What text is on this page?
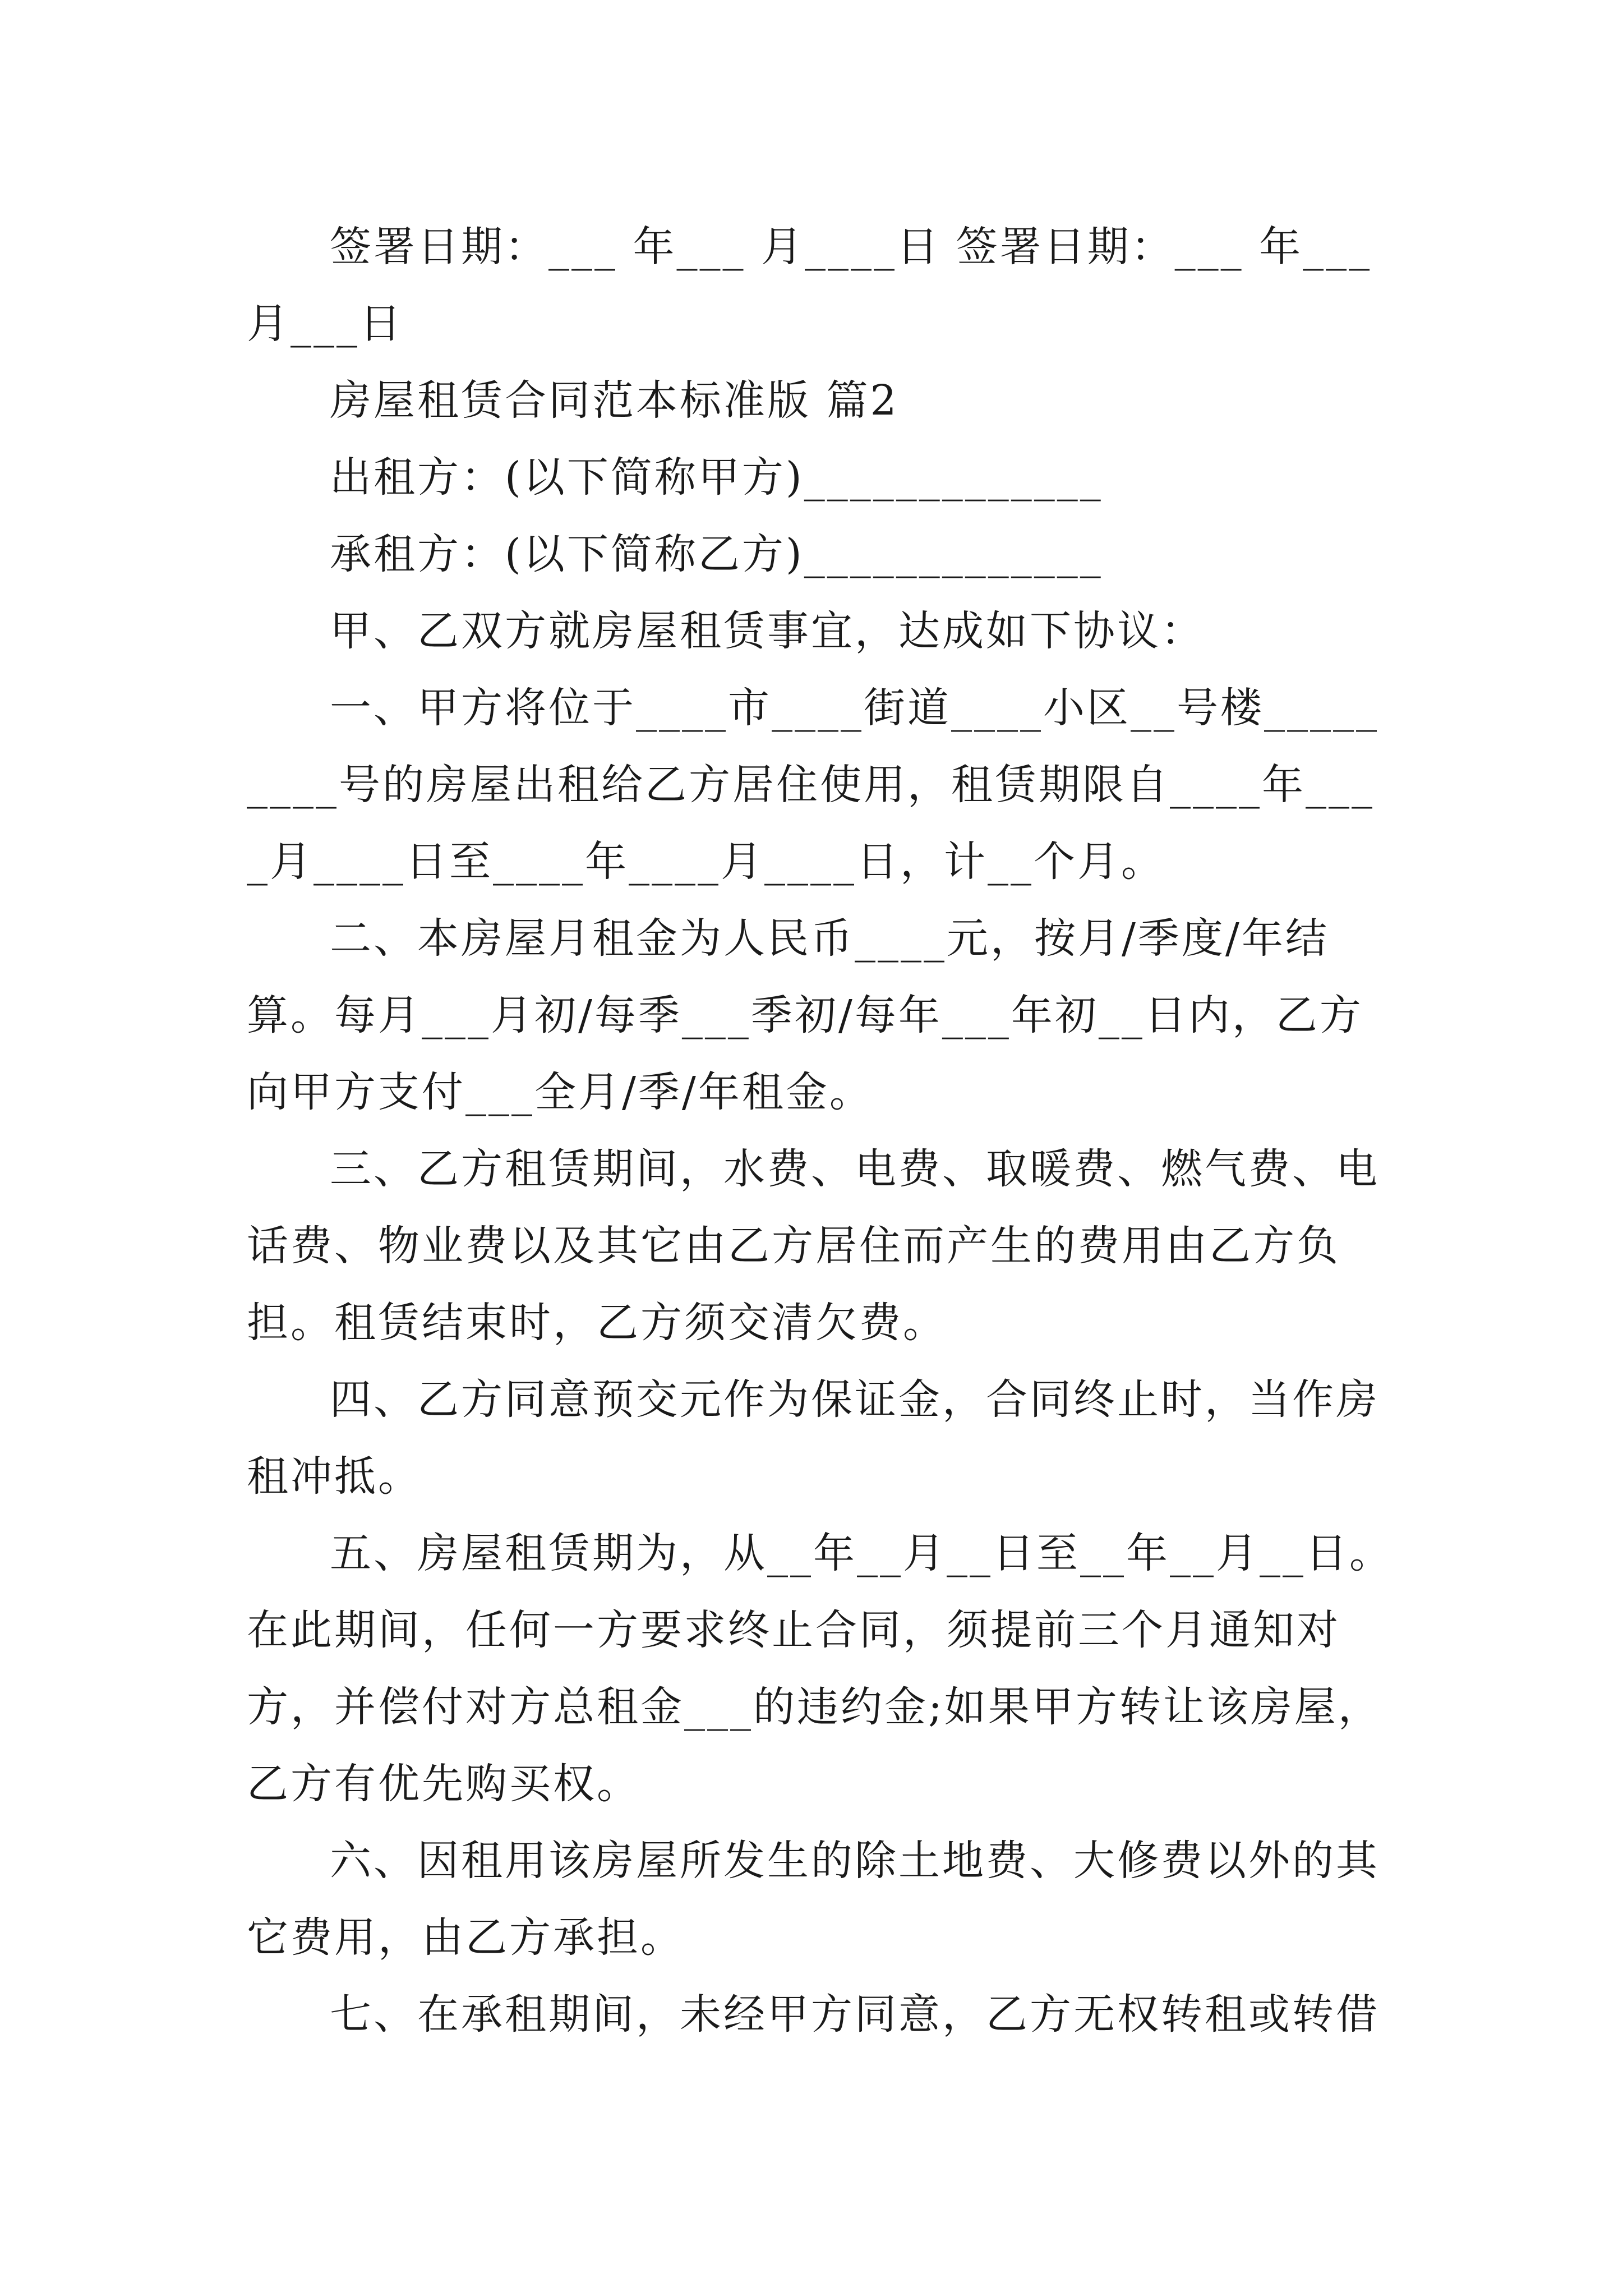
签署日期：___ 年___ 月____日 签署日期：___ 年___ 月___日

房屋租赁合同范本标准版 篇2

出租方：(以下简称甲方)_____________

承租方：(以下简称乙方)_____________

甲、乙双方就房屋租赁事宜，达成如下协议：

一、甲方将位于____市____街道____小区__号楼_________号的房屋出租给乙方居住使用，租赁期限自____年____月____日至____年____月____日，计__个月。

二、本房屋月租金为人民币____元，按月/季度/年结算。每月___月初/每季___季初/每年___年初__日内，乙方向甲方支付___全月/季/年租金。

三、乙方租赁期间，水费、电费、取暖费、燃气费、电话费、物业费以及其它由乙方居住而产生的费用由乙方负担。租赁结束时，乙方须交清欠费。

四、乙方同意预交元作为保证金，合同终止时，当作房租冲抵。

五、房屋租赁期为，从__年__月__日至__年__月__日。在此期间，任何一方要求终止合同，须提前三个月通知对方，并偿付对方总租金___的违约金;如果甲方转让该房屋，乙方有优先购买权。

六、因租用该房屋所发生的除土地费、大修费以外的其它费用，由乙方承担。

七、在承租期间，未经甲方同意，乙方无权转租或转借
